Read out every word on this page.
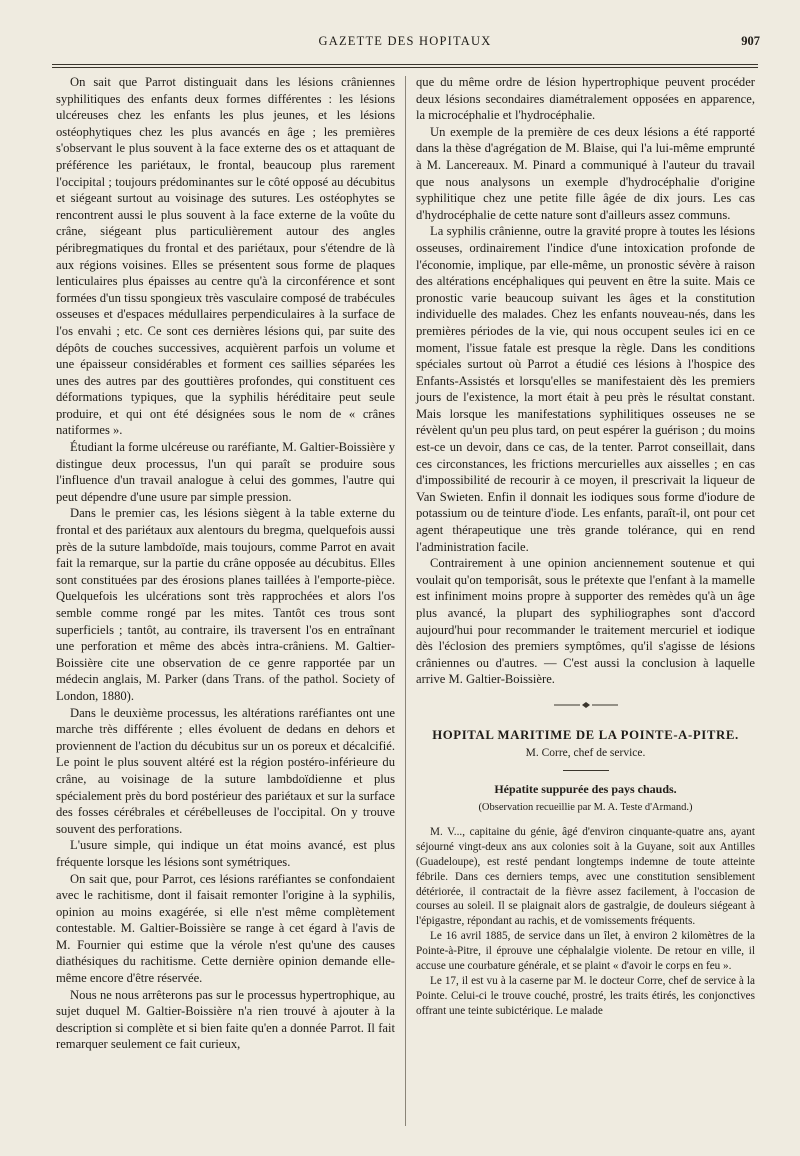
GAZETTE DES HOPITAUX	907

On sait que Parrot distinguait dans les lésions crâniennes syphilitiques des enfants deux formes différentes : les lésions ulcéreuses chez les enfants les plus jeunes, et les lésions ostéophytiques chez les plus avancés en âge ; les premières s'observant le plus souvent à la face externe des os et attaquant de préférence les pariétaux, le frontal, beaucoup plus rarement l'occipital ; toujours prédominantes sur le côté opposé au décubitus et siégeant surtout au voisinage des sutures. Les ostéophytes se rencontrent aussi le plus souvent à la face externe de la voûte du crâne, siégeant plus particulièrement autour des angles péribregmatiques du frontal et des pariétaux, pour s'étendre de là aux régions voisines. Elles se présentent sous forme de plaques lenticulaires plus épaisses au centre qu'à la circonférence et sont formées d'un tissu spongieux très vasculaire composé de trabécules osseuses et d'espaces médullaires perpendiculaires à la surface de l'os envahi ; etc. Ce sont ces dernières lésions qui, par suite des dépôts de couches successives, acquièrent parfois un volume et une épaisseur considérables et forment ces saillies séparées les unes des autres par des gouttières profondes, qui constituent ces déformations typiques, que la syphilis héréditaire peut seule produire, et qui ont été désignées sous le nom de « crânes natiformes ».

Étudiant la forme ulcéreuse ou raréfiante, M. Galtier-Boissière y distingue deux processus, l'un qui paraît se produire sous l'influence d'un travail analogue à celui des gommes, l'autre qui peut dépendre d'une usure par simple pression.

Dans le premier cas, les lésions siègent à la table externe du frontal et des pariétaux aux alentours du bregma, quelquefois aussi près de la suture lambdoïde, mais toujours, comme Parrot en avait fait la remarque, sur la partie du crâne opposée au décubitus. Elles sont constituées par des érosions planes taillées à l'emporte-pièce. Quelquefois les ulcérations sont très rapprochées et alors l'os semble comme rongé par les mites. Tantôt ces trous sont superficiels ; tantôt, au contraire, ils traversent l'os en entraînant une perforation et même des abcès intra-crâniens. M. Galtier-Boissière cite une observation de ce genre rapportée par un médecin anglais, M. Parker (dans Trans. of the pathol. Society of London, 1880).

Dans le deuxième processus, les altérations raréfiantes ont une marche très différente ; elles évoluent de dedans en dehors et proviennent de l'action du décubitus sur un os poreux et décalcifié. Le point le plus souvent altéré est la région postéro-inférieure du crâne, au voisinage de la suture lambdoïdienne et plus spécialement près du bord postérieur des pariétaux et sur la surface des fosses cérébrales et cérébelleuses de l'occipital. On y trouve souvent des perforations.

L'usure simple, qui indique un état moins avancé, est plus fréquente lorsque les lésions sont symétriques.

On sait que, pour Parrot, ces lésions raréfiantes se confondaient avec le rachitisme, dont il faisait remonter l'origine à la syphilis, opinion au moins exagérée, si elle n'est même complètement contestable. M. Galtier-Boissière se range à cet égard à l'avis de M. Fournier qui estime que la vérole n'est qu'une des causes diathésiques du rachitisme. Cette dernière opinion demande elle-même encore d'être réservée.

Nous ne nous arrêterons pas sur le processus hypertrophique, au sujet duquel M. Galtier-Boissière n'a rien trouvé à ajouter à la description si complète et si bien faite qu'en a donnée Parrot. Il fait remarquer seulement ce fait curieux,

que du même ordre de lésion hypertrophique peuvent procéder deux lésions secondaires diamétralement opposées en apparence, la microcéphalie et l'hydrocéphalie.

Un exemple de la première de ces deux lésions a été rapporté dans la thèse d'agrégation de M. Blaise, qui l'a lui-même emprunté à M. Lancereaux. M. Pinard a communiqué à l'auteur du travail que nous analysons un exemple d'hydrocéphalie d'origine syphilitique chez une petite fille âgée de dix jours. Les cas d'hydrocéphalie de cette nature sont d'ailleurs assez communs.

La syphilis crânienne, outre la gravité propre à toutes les lésions osseuses, ordinairement l'indice d'une intoxication profonde de l'économie, implique, par elle-même, un pronostic sévère à raison des altérations encéphaliques qui peuvent en être la suite. Mais ce pronostic varie beaucoup suivant les âges et la constitution individuelle des malades. Chez les enfants nouveau-nés, dans les premières périodes de la vie, qui nous occupent seules ici en ce moment, l'issue fatale est presque la règle. Dans les conditions spéciales surtout où Parrot a étudié ces lésions à l'hospice des Enfants-Assistés et lorsqu'elles se manifestaient dès les premiers jours de l'existence, la mort était à peu près le résultat constant. Mais lorsque les manifestations syphilitiques osseuses ne se révèlent qu'un peu plus tard, on peut espérer la guérison ; du moins est-ce un devoir, dans ce cas, de la tenter. Parrot conseillait, dans ces circonstances, les frictions mercurielles aux aisselles ; en cas d'impossibilité de recourir à ce moyen, il prescrivait la liqueur de Van Swieten. Enfin il donnait les iodiques sous forme d'iodure de potassium ou de teinture d'iode. Les enfants, paraît-il, ont pour cet agent thérapeutique une très grande tolérance, qui en rend l'administration facile.

Contrairement à une opinion anciennement soutenue et qui voulait qu'on temporisât, sous le prétexte que l'enfant à la mamelle est infiniment moins propre à supporter des remèdes qu'à un âge plus avancé, la plupart des syphiliographes sont d'accord aujourd'hui pour recommander le traitement mercuriel et iodique dès l'éclosion des premiers symptômes, qu'il s'agisse de lésions crâniennes ou d'autres. — C'est aussi la conclusion à laquelle arrive M. Galtier-Boissière.

HOPITAL MARITIME DE LA POINTE-A-PITRE.
M. Corre, chef de service.
Hépatite suppurée des pays chauds.
(Observation recueillie par M. A. Teste d'Armand.)

M. V..., capitaine du génie, âgé d'environ cinquante-quatre ans, ayant séjourné vingt-deux ans aux colonies soit à la Guyane, soit aux Antilles (Guadeloupe), est resté pendant longtemps indemne de toute atteinte fébrile. Dans ces derniers temps, avec une constitution sensiblement détériorée, il contractait de la fièvre assez facilement, à l'occasion de courses au soleil. Il se plaignait alors de gastralgie, de douleurs siégeant à l'épigastre, répondant au rachis, et de vomissements fréquents.

Le 16 avril 1885, de service dans un îlet, à environ 2 kilomètres de la Pointe-à-Pitre, il éprouve une céphalalgie violente. De retour en ville, il accuse une courbature générale, et se plaint « d'avoir le corps en feu ».

Le 17, il est vu à la caserne par M. le docteur Corre, chef de service à la Pointe. Celui-ci le trouve couché, prostré, les traits étirés, les conjonctives offrant une teinte subictérique. Le malade
